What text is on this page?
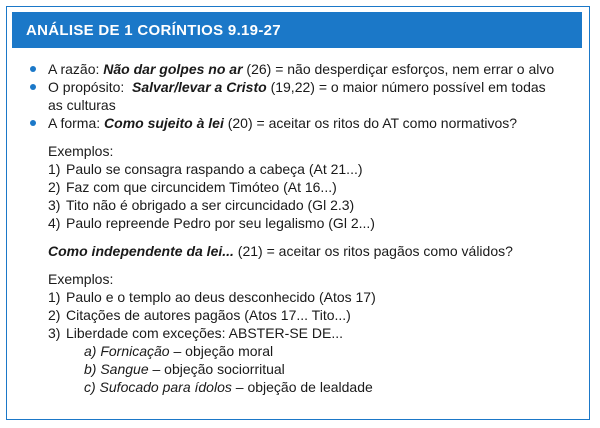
ANÁLISE DE 1 CORÍNTIOS 9.19-27
A razão: Não dar golpes no ar (26) = não desperdiçar esforços, nem errar o alvo
O propósito:  Salvar/levar a Cristo (19,22) = o maior número possível em todas
as culturas
A forma: Como sujeito à lei (20) = aceitar os ritos do AT como normativos?
Exemplos:
1) Paulo se consagra raspando a cabeça (At 21...)
2) Faz com que circuncidem Timóteo (At 16...)
3) Tito não é obrigado a ser circuncidado (Gl 2.3)
4) Paulo repreende Pedro por seu legalismo (Gl 2...)
Como independente da lei... (21) = aceitar os ritos pagãos como válidos?
Exemplos:
1) Paulo e o templo ao deus desconhecido (Atos 17)
2) Citações de autores pagãos (Atos 17... Tito...)
3) Liberdade com exceções: ABSTER-SE DE...
a) Fornicação – objeção moral
b) Sangue – objeção sociorritual
c) Sufocado para ídolos – objeção de lealdade
